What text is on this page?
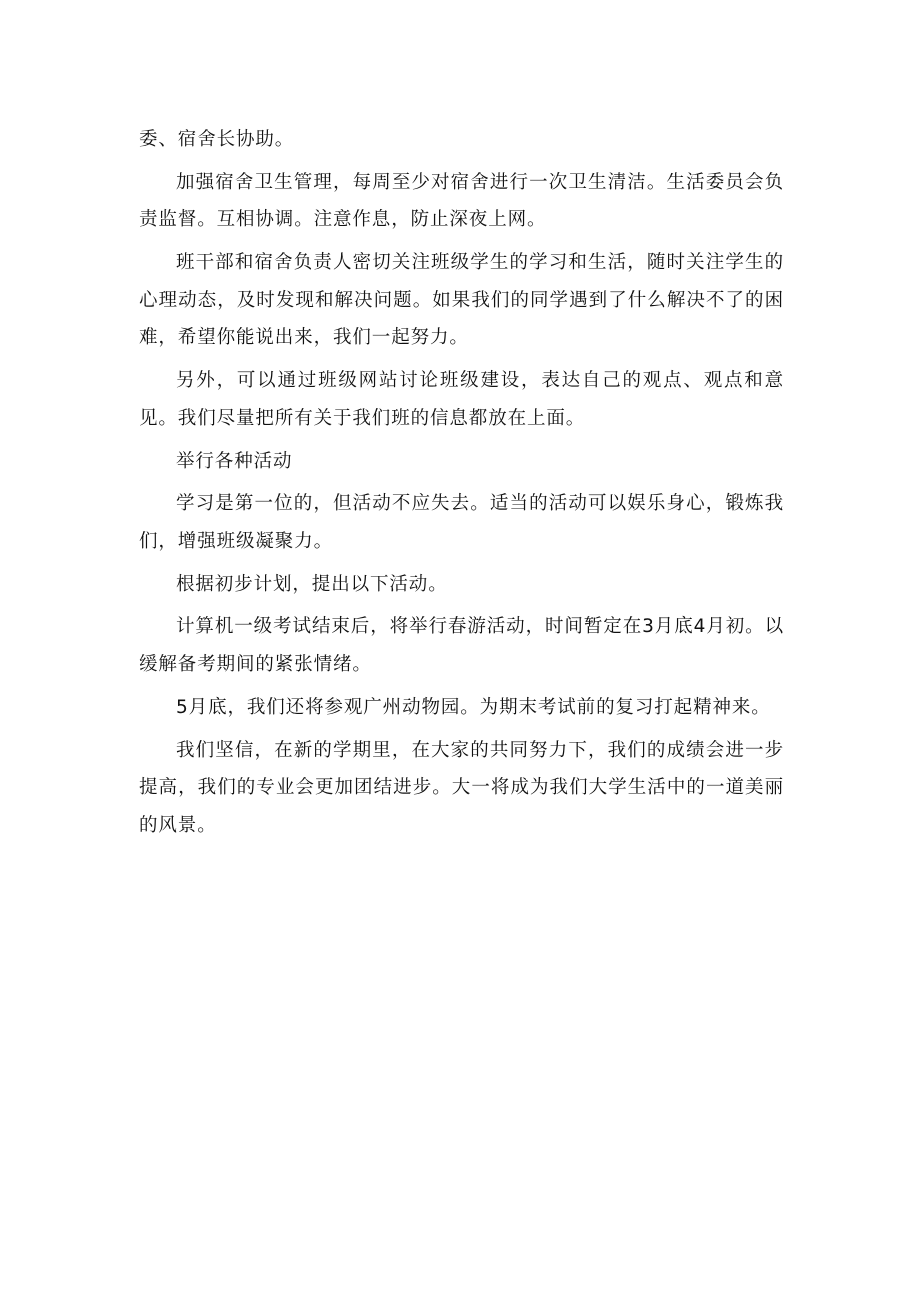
委、宿舍长协助。

加强宿舍卫生管理，每周至少对宿舍进行一次卫生清洁。生活委员会负责监督。互相协调。注意作息，防止深夜上网。

班干部和宿舍负责人密切关注班级学生的学习和生活，随时关注学生的心理动态，及时发现和解决问题。如果我们的同学遇到了什么解决不了的困难，希望你能说出来，我们一起努力。

另外，可以通过班级网站讨论班级建设，表达自己的观点、观点和意见。我们尽量把所有关于我们班的信息都放在上面。

举行各种活动

学习是第一位的，但活动不应失去。适当的活动可以娱乐身心，锻炼我们，增强班级凝聚力。

根据初步计划，提出以下活动。

计算机一级考试结束后，将举行春游活动，时间暂定在3月底4月初。以缓解备考期间的紧张情绪。

5月底，我们还将参观广州动物园。为期末考试前的复习打起精神来。

我们坚信，在新的学期里，在大家的共同努力下，我们的成绩会进一步提高，我们的专业会更加团结进步。大一将成为我们大学生活中的一道美丽的风景。
